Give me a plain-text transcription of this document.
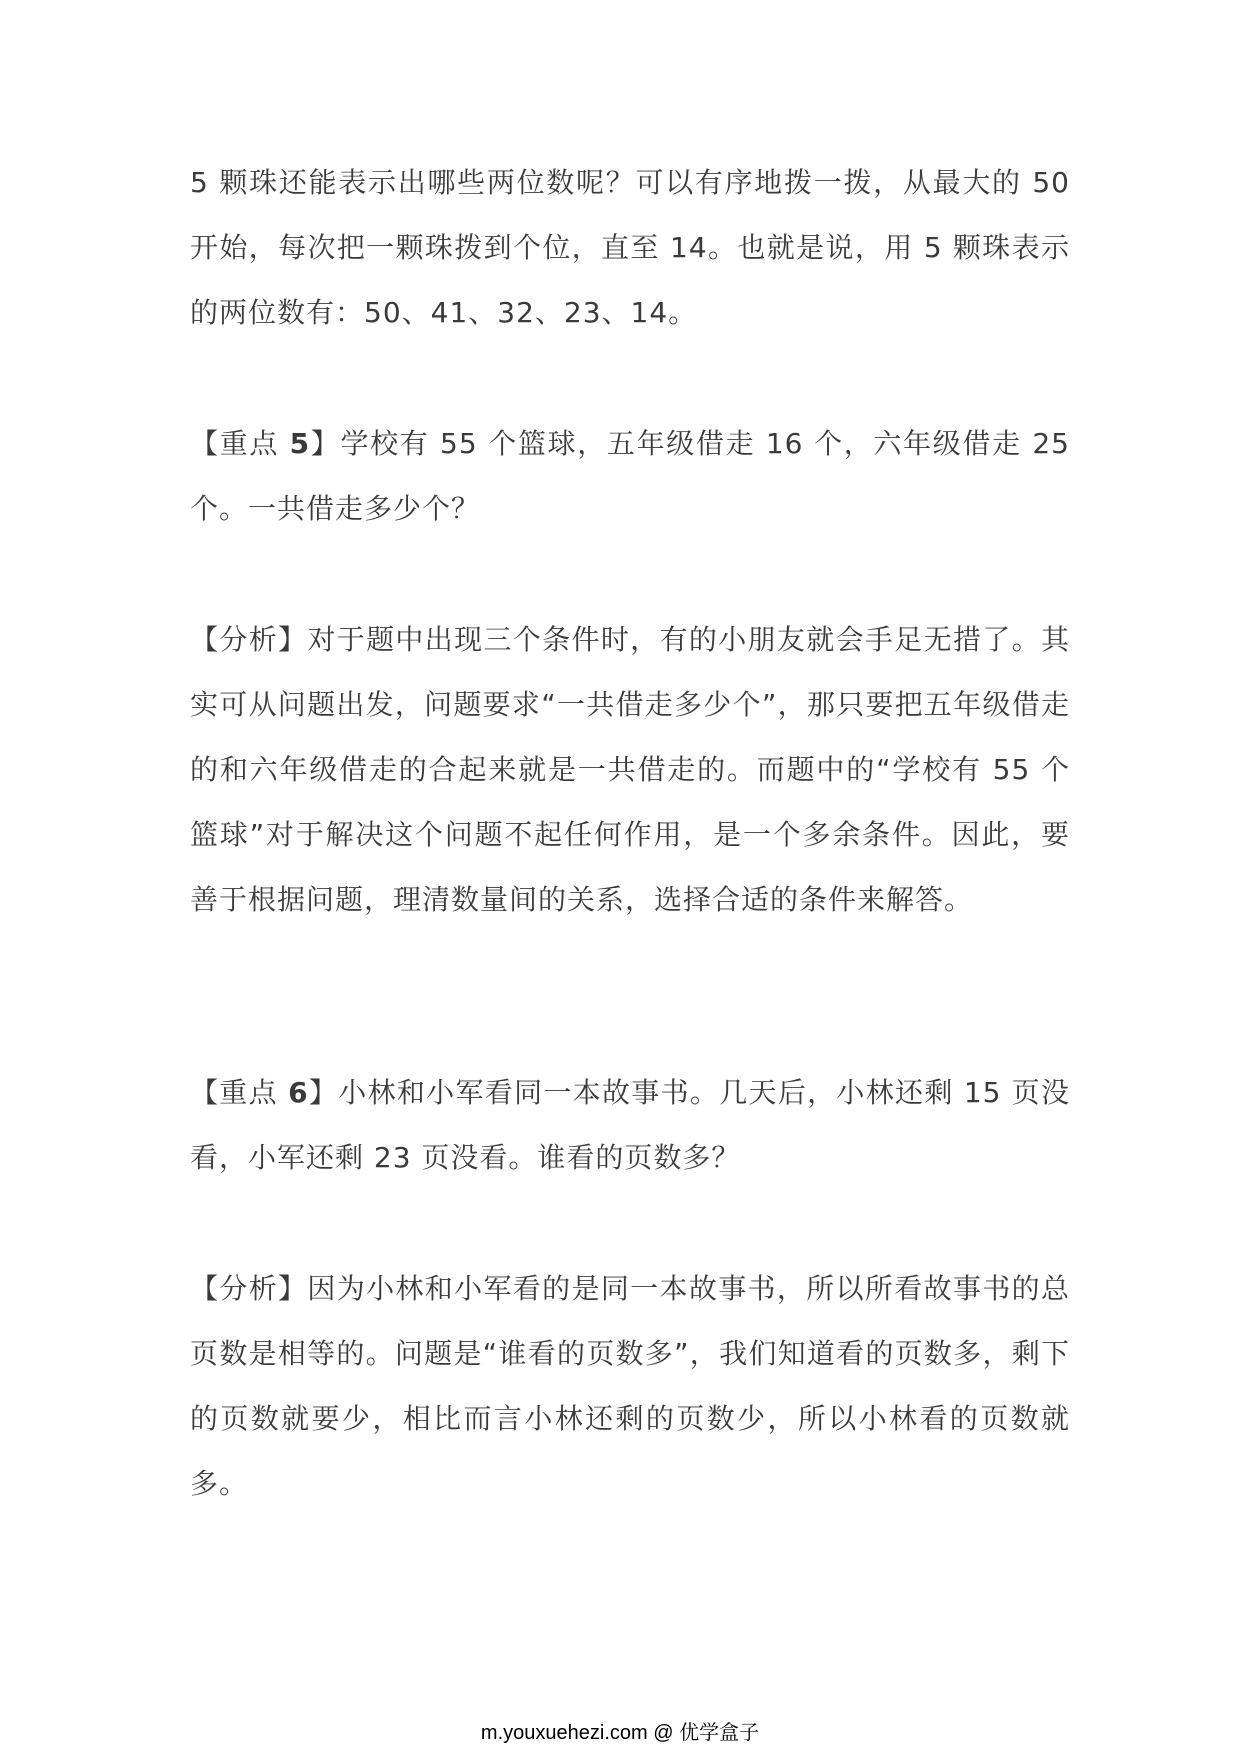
5 颗珠还能表示出哪些两位数呢？可以有序地拨一拨，从最大的 50 开始，每次把一颗珠拨到个位，直至 14。也就是说，用 5 颗珠表示的两位数有：50、41、32、23、14。

【重点 5】学校有 55 个篮球，五年级借走 16 个，六年级借走 25 个。一共借走多少个？

【分析】对于题中出现三个条件时，有的小朋友就会手足无措了。其实可从问题出发，问题要求“一共借走多少个”，那只要把五年级借走的和六年级借走的合起来就是一共借走的。而题中的“学校有 55 个篮球”对于解决这个问题不起任何作用，是一个多余条件。因此，要善于根据问题，理清数量间的关系，选择合适的条件来解答。

【重点 6】小林和小军看同一本故事书。几天后，小林还剩 15 页没看，小军还剩 23 页没看。谁看的页数多？

【分析】因为小林和小军看的是同一本故事书，所以所看故事书的总页数是相等的。问题是“谁看的页数多”，我们知道看的页数多，剩下的页数就要少，相比而言小林还剩的页数少，所以小林看的页数就多。

m.youxuehezi.com @ 优学盒子
